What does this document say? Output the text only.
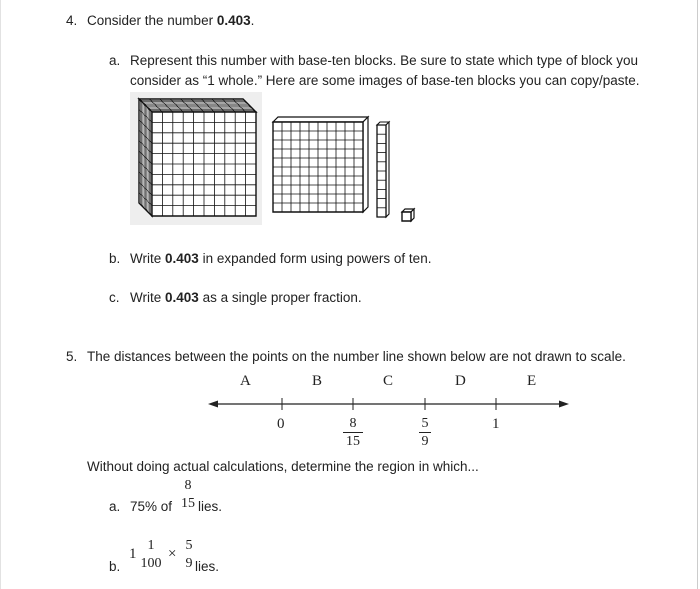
4. Consider the number 0.403.
a. Represent this number with base-ten blocks. Be sure to state which type of block you
consider as “1 whole.” Here are some images of base-ten blocks you can copy/paste.
b. Write 0.403 in expanded form using powers of ten.
c. Write 0.403 as a single proper fraction.
5. The distances between the points on the number line shown below are not drawn to scale.
A	B	C	D	E
0	8
15
5
9
1
Without doing actual calculations, determine the region in which...
a. 75% of
8
15 lies.
b.
1
1
100
×
5
9 lies.
